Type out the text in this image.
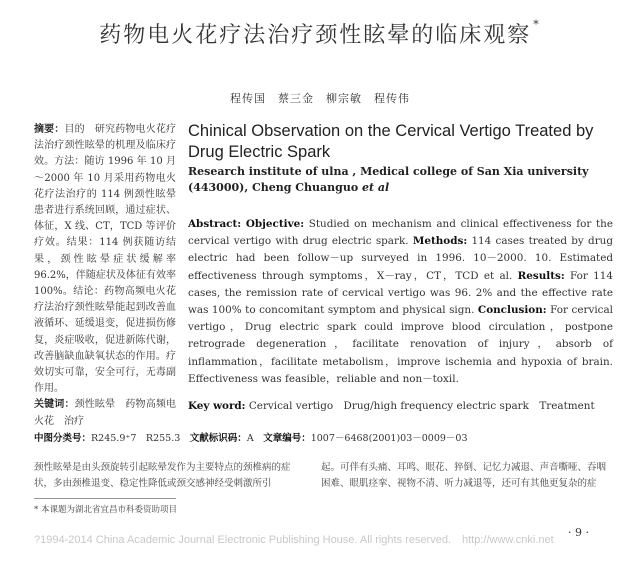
药物电火花疗法治疗颈性眩晕的临床观察 *
程传国　蔡三金　柳宗敏　程传伟
摘要：目的　研究药物电火花疗法治疗颈性眩晕的机理及临床疗效。方法：随访 1996 年 10 月～2000 年 10 月采用药物电火花疗法治疗的 114 例颈性眩晕患者进行系统回顾，通过症状、体征，X 线、CT，TCD 等评价疗效。结果：114 例获随访结果，颈性眩晕症状缓解率 96.2%，伴随症状及体征有效率 100%。结论：药物高频电火花疗法治疗颈性眩晕能起到改善血液循环、延缓退变，促进损伤修复，炎症吸收，促进新陈代谢，改善脑缺血缺氧状态的作用。疗效切实可靠，安全可行，无毒副作用。
关键词：颈性眩晕　药物高频电火花　治疗
Chinical Observation on the Cervical Vertigo Treated by Drug Electric Spark
Research institute of ulna , Medical college of San Xia university (443000), Cheng Chuanguo et al
Abstract: Objective: Studied on mechanism and clinical effectiveness for the cervical vertigo with drug electric spark. Methods: 114 cases treated by drug electric had been follow－up surveyed in 1996. 10－2000. 10. Estimated effectiveness through symptoms，X－ray，CT，TCD et al. Results: For 114 cases, the remission rate of cervical vertigo was 96. 2% and the effective rate was 100% to concomitant symptom and physical sign. Conclusion: For cervical vertigo，Drug electric spark could improve blood circulation，postpone retrograde degeneration，facilitate renovation of injury，absorb of inflammation，facilitate metabolism，improve ischemia and hypoxia of brain. Effectiveness was feasible，reliable and non－toxil.
Key word: Cervical vertigo　Drug/high frequency electric spark　Treatment
中图分类号：R245.9⁺7　R255.3　 文献标识码：A　 文章编号：1007－6468(2001)03－0009－03
颈性眩晕是由头颈旋转引起眩晕发作为主要特点的颈椎病的症状，多由颈椎退变、稳定性降低或颈交感神经受刺激所引
起。可伴有头痛、耳鸣、眼花、猝倒、记忆力减退、声音嘶哑、吞咽困难、眼肌痉挛、视物不清、听力减退等，还可有其他更复杂的症
* 本课题为湖北省宜昌市科委资助项目
?1994-2014 China Academic Journal Electronic Publishing House. All rights reserved.　http://www.cnki.net
· 9 ·
